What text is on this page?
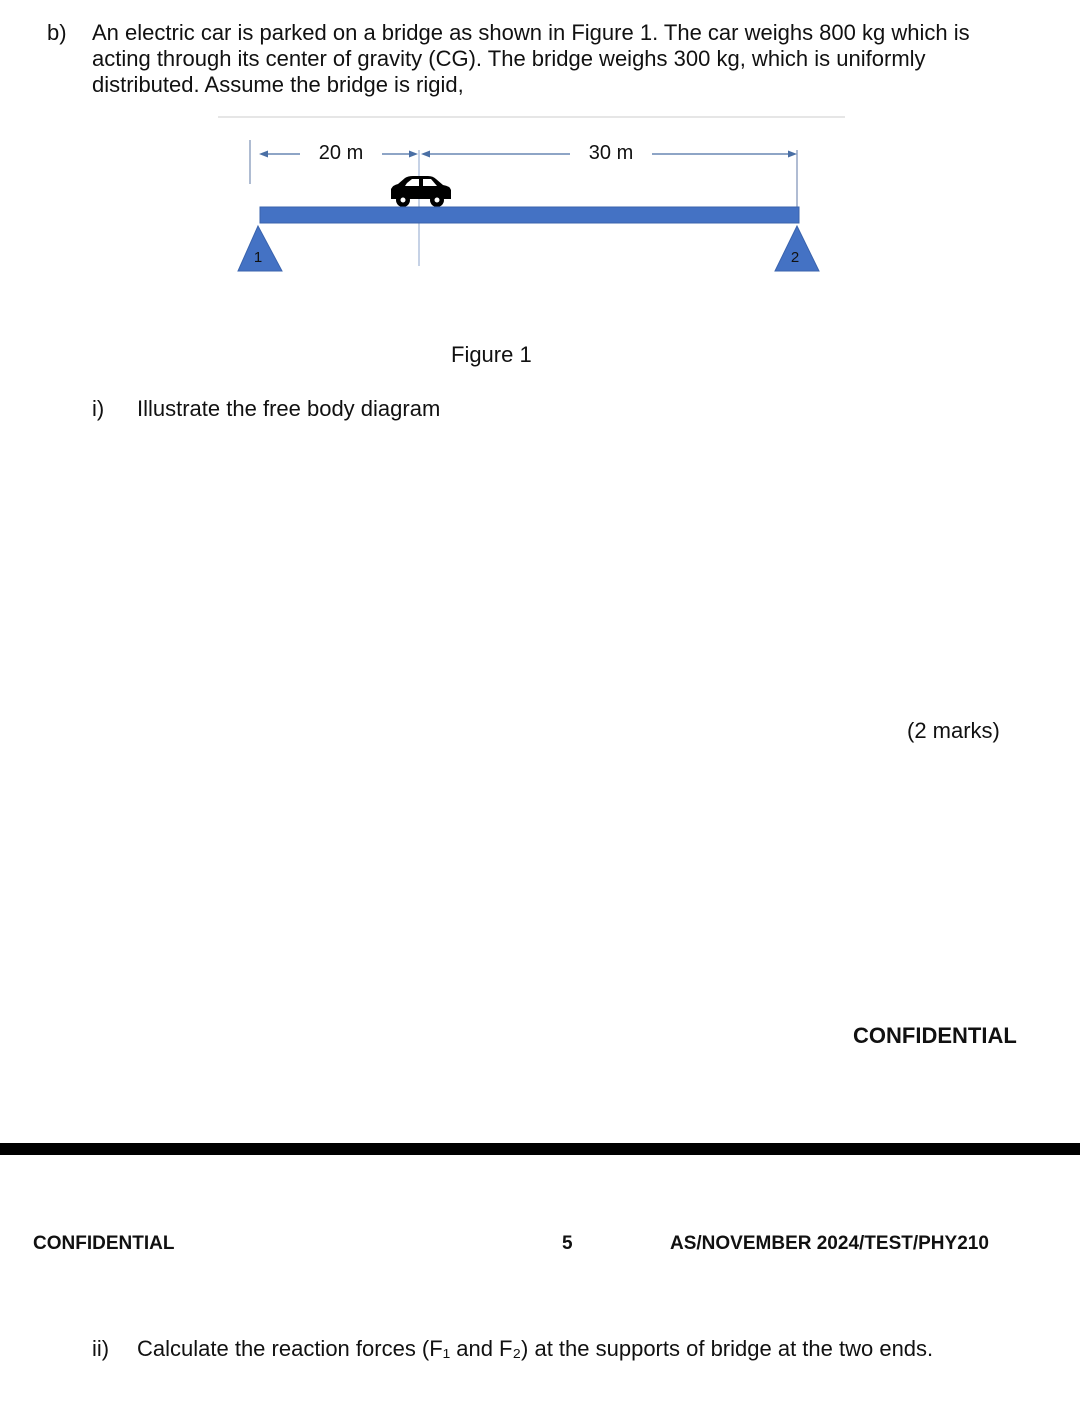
b) An electric car is parked on a bridge as shown in Figure 1. The car weighs 800 kg which is acting through its center of gravity (CG). The bridge weighs 300 kg, which is uniformly distributed. Assume the bridge is rigid,
20 m	30 m
1	2
Figure 1
i) Illustrate the free body diagram
(2 marks)
CONFIDENTIAL
CONFIDENTIAL	5	AS/NOVEMBER 2024/TEST/PHY210
ii) Calculate the reaction forces (F₁ and F₂) at the supports of bridge at the two ends.
